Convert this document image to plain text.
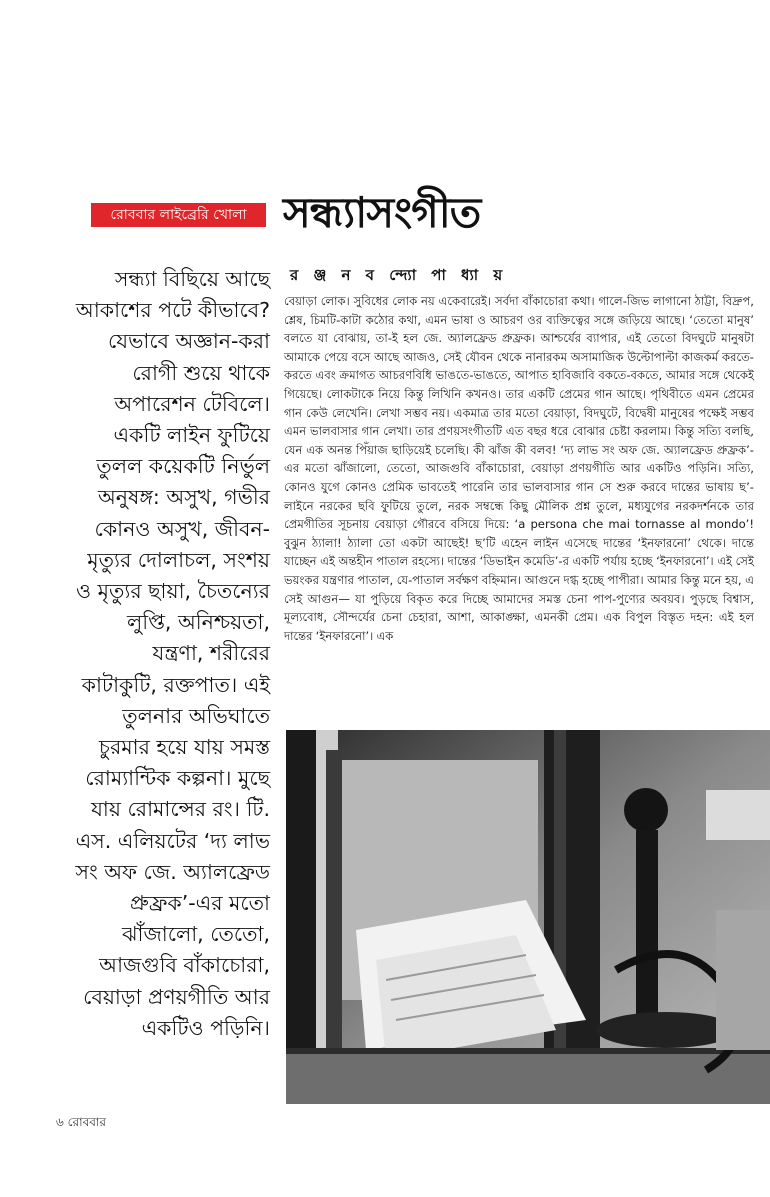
রোববার লাইব্রেরি খোলা সন্ধ্যাসংগীত
র ঞ্জ ন ব ন্দ্যো পা ধ্যা য়
সন্ধ্যা বিছিয়ে আছে আকাশের পটে কীভাবে? যেভাবে অজ্ঞান-করা রোগী শুয়ে থাকে অপারেশন টেবিলে। একটি লাইন ফুটিয়ে তুলল কয়েকটি নির্ভুল অনুষঙ্গ: অসুখ, গভীর কোনও অসুখ, জীবন-মৃত্যুর দোলাচল, সংশয় ও মৃত্যুর ছায়া, চৈতন্যের লুপ্তি, অনিশ্চয়তা, যন্ত্রণা, শরীরের কাটাকুটি, রক্তপাত। এই তুলনার অভিঘাতে চুরমার হয়ে যায় সমস্ত রোম্যান্টিক কল্পনা। মুছে যায় রোমান্সের রং। টি. এস. এলিয়টের ‘দ্য লাভ সং অফ জে. অ্যালফ্রেড প্রুফ্রক’-এর মতো ঝাঁজালো, তেতো, আজগুবি বাঁকাচোরা, বেয়াড়া প্রণয়গীতি আর একটিও পড়িনি।
বেয়াড়া লোক। সুবিধের লোক নয় একেবারেই। সর্বদা বাঁকাচোরা কথা। গালে-জিভ লাগানো ঠাট্টা, বিদ্রুপ, শ্লেষ, চিমটি-কাটা কঠোর কথা, এমন ভাষা ও আচরণ ওর ব্যক্তিত্বের সঙ্গে জড়িয়ে আছে। ‘তেতো মানুষ’ বলতে যা বোঝায়, তা-ই হল জে. অ্যালফ্রেড প্রুফ্রক। আশ্চর্যের ব্যাপার, এই তেতো বিদঘুটে মানুষটা আমাকে পেয়ে বসে আছে আজও, সেই যৌবন থেকে নানারকম অসামাজিক উল্টোপাল্টা কাজকর্ম করতে-করতে এবং ক্রমাগত আচরণবিধি ভাঙতে-ভাঙতে, আপাত হাবিজাবি বকতে-বকতে, আমার সঙ্গে থেকেই গিয়েছে। লোকটাকে নিয়ে কিন্তু লিখিনি কখনও। তার একটি প্রেমের গান আছে। পৃথিবীতে এমন প্রেমের গান কেউ লেখেনি। লেখা সম্ভব নয়। একমাত্র তার মতো বেয়াড়া, বিদঘুটে, বিদ্বেষী মানুষের পক্ষেই সম্ভব এমন ভালবাসার গান লেখা। তার প্রণয়সংগীতটি এত বছর ধরে বোঝার চেষ্টা করলাম। কিন্তু সত্যি বলছি, যেন এক অনন্ত পিঁয়াজ ছাড়িয়েই চলেছি। কী ঝাঁজ কী বলব! ‘দ্য লাভ সং অফ জে. অ্যালফ্রেড প্রুফ্রক’-এর মতো ঝাঁজালো, তেতো, আজগুবি বাঁকাচোরা, বেয়াড়া প্রণয়গীতি আর একটিও পড়িনি। সত্যি, কোনও যুগে কোনও প্রেমিক ভাবতেই পারেনি তার ভালবাসার গান সে শুরু করবে দান্তের ভাষায় ছ’-লাইনে নরকের ছবি ফুটিয়ে তুলে, নরক সম্বন্ধে কিছু মৌলিক প্রশ্ন তুলে, মধ্যযুগের নরকদর্শনকে তার প্রেমগীতির সূচনায় বেয়াড়া গৌরবে বসিয়ে দিয়ে: ‘a persona che mai tornasse al mondo’! বুঝুন ঠ্যালা! ঠ্যালা তো একটা আছেই! ছ’টি এহেন লাইন এসেছে দান্তের ‘ইনফারনো’ থেকে। দান্তে যাচ্ছেন এই অন্তহীন পাতাল রহস্যে। দান্তের ‘ডিভাইন কমেডি’-র একটি পর্যায় হচ্ছে ‘ইনফারনো’। এই সেই ভয়ংকর যন্ত্রণার পাতাল, যে-পাতাল সর্বক্ষণ বহ্নিমান। আগুনে দগ্ধ হচ্ছে পাপীরা। আমার কিন্তু মনে হয়, এ সেই আগুন— যা পুড়িয়ে বিকৃত করে দিচ্ছে আমাদের সমস্ত চেনা পাপ-পুণ্যের অবয়ব। পুড়ছে বিশ্বাস, মূল্যবোধ, সৌন্দর্যের চেনা চেহারা, আশা, আকাঙ্ক্ষা, এমনকী প্রেম। এক বিপুল বিস্তৃত দহন: এই হল দান্তের ‘ইনফারনো’। এক
৬ রোববার
